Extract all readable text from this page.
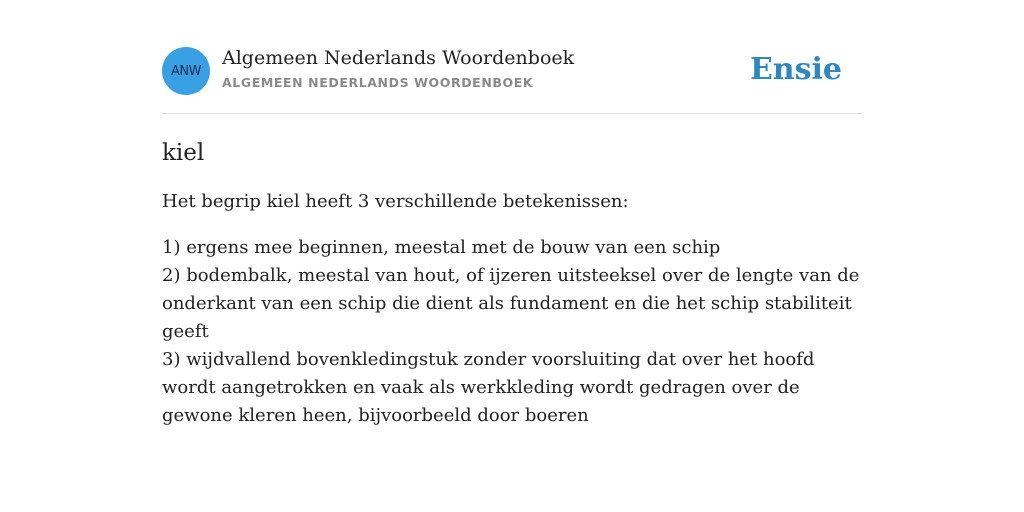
ANW
Algemeen Nederlands Woordenboek
ALGEMEEN NEDERLANDS WOORDENBOEK	Ensie
kiel
Het begrip kiel heeft 3 verschillende betekenissen:
1) ergens mee beginnen, meestal met de bouw van een schip
2) bodembalk, meestal van hout, of ijzeren uitsteeksel over de lengte van de onderkant van een schip die dient als fundament en die het schip stabiliteit geeft
3) wijdvallend bovenkledingstuk zonder voorsluiting dat over het hoofd wordt aangetrokken en vaak als werkkleding wordt gedragen over de gewone kleren heen, bijvoorbeeld door boeren
